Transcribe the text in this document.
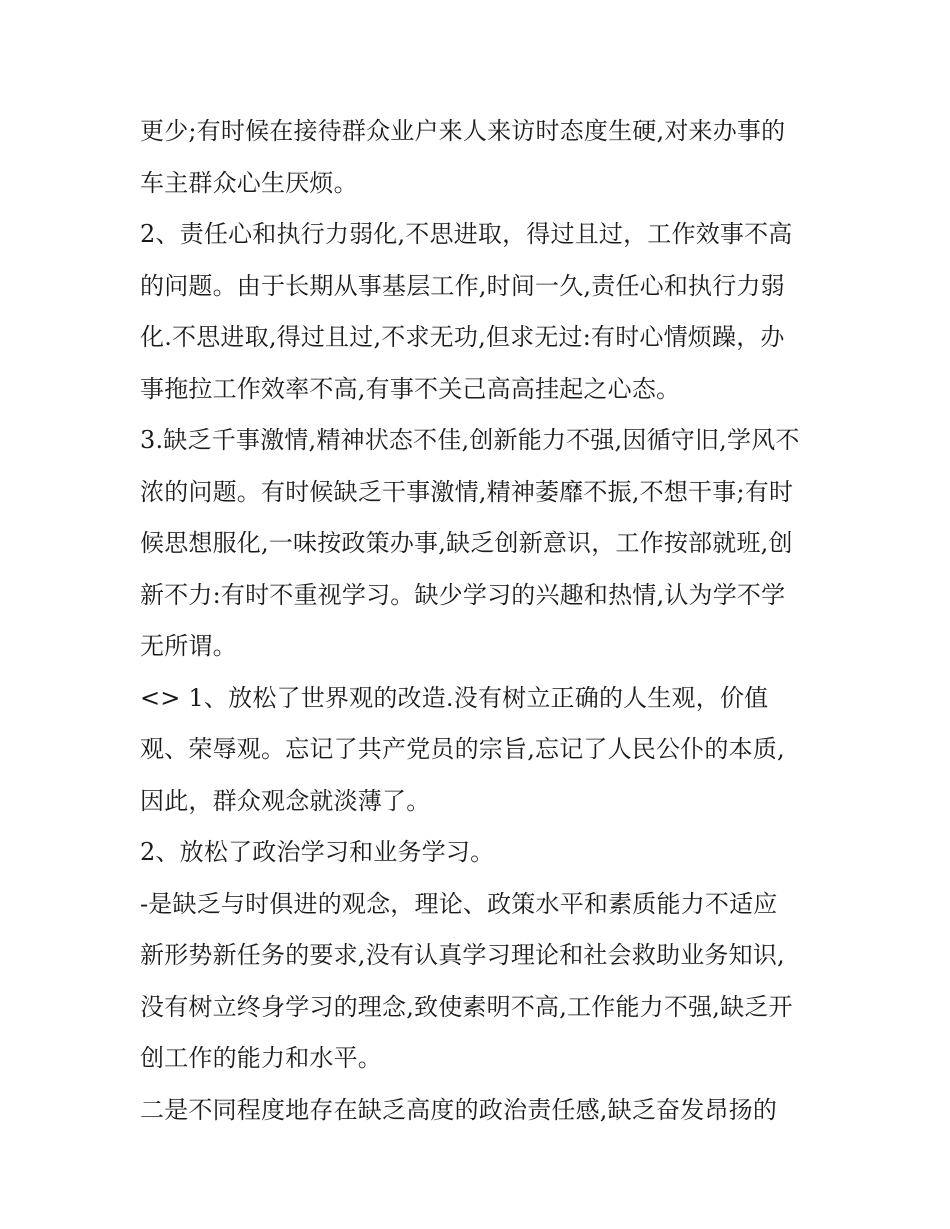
更少;有时候在接待群众业户来人来访时态度生硬,对来办事的
车主群众心生厌烦。
2、责任心和执行力弱化,不思进取，得过且过，工作效事不高
的问题。由于长期从事基层工作,时间一久,责任心和执行力弱
化.不思进取,得过且过,不求无功,但求无过:有时心情烦躁，办
事拖拉工作效率不高,有事不关己高高挂起之心态。
3.缺乏千事激情,精神状态不佳,创新能力不强,因循守旧,学风不
浓的问题。有时候缺乏干事激情,精神萎靡不振,不想干事;有时
候思想服化,一味按政策办事,缺乏创新意识，工作按部就班,创
新不力:有时不重视学习。缺少学习的兴趣和热情,认为学不学
无所谓。
<> 1、放松了世界观的改造.没有树立正确的人生观，价值
观、荣辱观。忘记了共产党员的宗旨,忘记了人民公仆的本质,
因此，群众观念就淡薄了。
2、放松了政治学习和业务学习。
-是缺乏与时俱进的观念，理论、政策水平和素质能力不适应
新形势新任务的要求,没有认真学习理论和社会救助业务知识,
没有树立终身学习的理念,致使素明不高,工作能力不强,缺乏开
创工作的能力和水平。
二是不同程度地存在缺乏高度的政治责任感,缺乏奋发昂扬的
